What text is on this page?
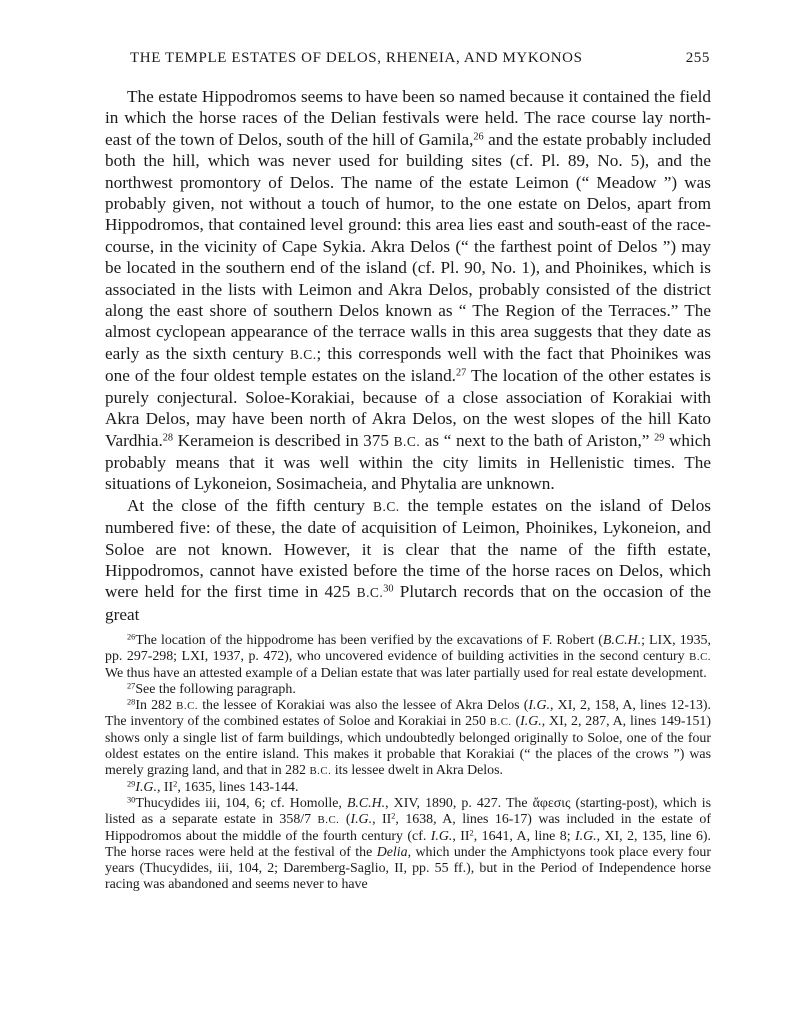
THE TEMPLE ESTATES OF DELOS, RHENEIA, AND MYKONOS	255

The estate Hippodromos seems to have been so named because it contained the field in which the horse races of the Delian festivals were held. The race course lay north-east of the town of Delos, south of the hill of Gamila,$^{26}$ and the estate probably included both the hill, which was never used for building sites (cf. Pl. 89, No. 5), and the northwest promontory of Delos. The name of the estate Leimon (“ Meadow ”) was probably given, not without a touch of humor, to the one estate on Delos, apart from Hippodromos, that contained level ground: this area lies east and south-east of the race-course, in the vicinity of Cape Sykia. Akra Delos (“ the farthest point of Delos ”) may be located in the southern end of the island (cf. Pl. 90, No. 1), and Phoinikes, which is associated in the lists with Leimon and Akra Delos, probably consisted of the district along the east shore of southern Delos known as “ The Region of the Terraces.” The almost cyclopean appearance of the terrace walls in this area suggests that they date as early as the sixth century B.C.; this corresponds well with the fact that Phoinikes was one of the four oldest temple estates on the island.$^{27}$ The location of the other estates is purely conjectural. Soloe-Korakiai, because of a close association of Korakiai with Akra Delos, may have been north of Akra Delos, on the west slopes of the hill Kato Vardhia.$^{28}$ Kerameion is described in 375 B.C. as “ next to the bath of Ariston,” $^{29}$ which probably means that it was well within the city limits in Hellenistic times. The situations of Lykoneion, Sosimacheia, and Phytalia are unknown.

At the close of the fifth century B.C. the temple estates on the island of Delos numbered five: of these, the date of acquisition of Leimon, Phoinikes, Lykoneion, and Soloe are not known. However, it is clear that the name of the fifth estate, Hippodromos, cannot have existed before the time of the horse races on Delos, which were held for the first time in 425 B.C.$^{30}$ Plutarch records that on the occasion of the great

$^{26}$The location of the hippodrome has been verified by the excavations of F. Robert (B.C.H.; LIX, 1935, pp. 297-298; LXI, 1937, p. 472), who uncovered evidence of building activities in the second century B.C. We thus have an attested example of a Delian estate that was later partially used for real estate development.

$^{27}$See the following paragraph.

$^{28}$In 282 B.C. the lessee of Korakiai was also the lessee of Akra Delos (I.G., XI, 2, 158, A, lines 12-13). The inventory of the combined estates of Soloe and Korakiai in 250 B.C. (I.G., XI, 2, 287, A, lines 149-151) shows only a single list of farm buildings, which undoubtedly belonged originally to Soloe, one of the four oldest estates on the entire island. This makes it probable that Korakiai (“ the places of the crows ”) was merely grazing land, and that in 282 B.C. its lessee dwelt in Akra Delos.

$^{29}$I.G., $II^2$, 1635, lines 143-144.

$^{30}$Thucydides iii, 104, 6; cf. Homolle, B.C.H., XIV, 1890, p. 427. The ἄφεσις (starting-post), which is listed as a separate estate in 358/7 B.C. (I.G., $II^2$, 1638, A, lines 16-17) was included in the estate of Hippodromos about the middle of the fourth century (cf. I.G., $II^2$, 1641, A, line 8; I.G., XI, 2, 135, line 6). The horse races were held at the festival of the Delia, which under the Amphictyons took place every four years (Thucydides, iii, 104, 2; Daremberg-Saglio, II, pp. 55 ff.), but in the Period of Independence horse racing was abandoned and seems never to have
